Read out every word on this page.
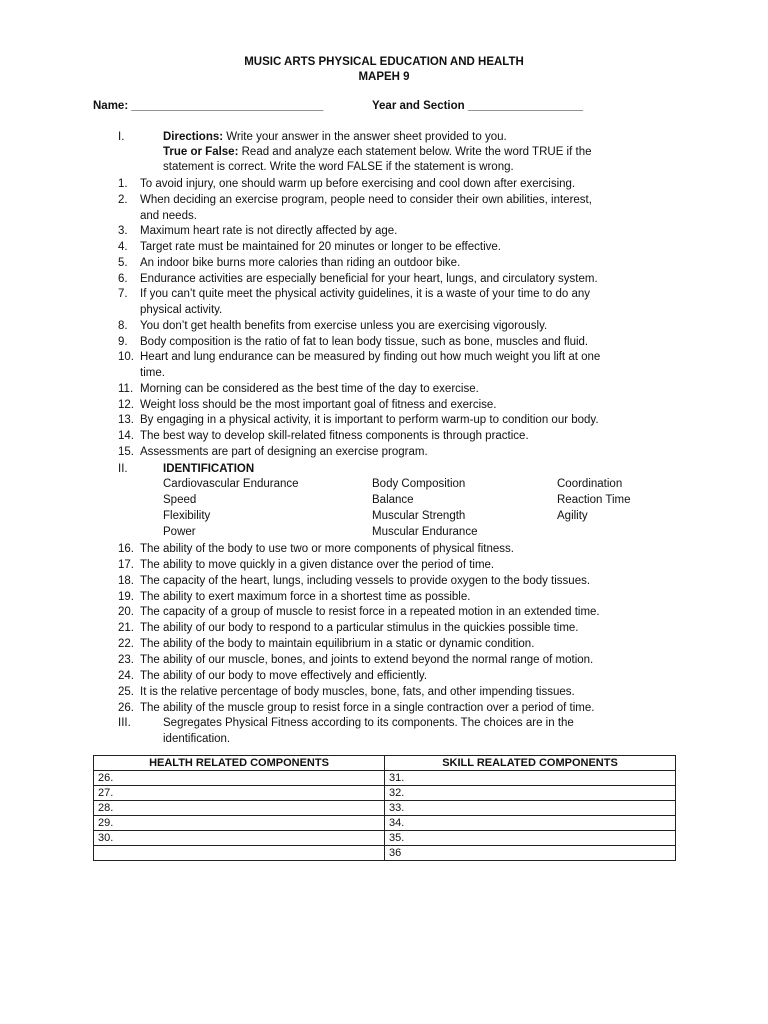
MUSIC ARTS PHYSICAL EDUCATION AND HEALTH
MAPEH 9
Name: ______________________________	Year and Section __________________
I.	Directions: Write your answer in the answer sheet provided to you.
True or False: Read and analyze each statement below. Write the word TRUE if the
statement is correct. Write the word FALSE if the statement is wrong.
1. To avoid injury, one should warm up before exercising and cool down after exercising.
2. When deciding an exercise program, people need to consider their own abilities, interest,
and needs.
3. Maximum heart rate is not directly affected by age.
4. Target rate must be maintained for 20 minutes or longer to be effective.
5. An indoor bike burns more calories than riding an outdoor bike.
6. Endurance activities are especially beneficial for your heart, lungs, and circulatory system.
7. If you can’t quite meet the physical activity guidelines, it is a waste of your time to do any
physical activity.
8. You don’t get health benefits from exercise unless you are exercising vigorously.
9. Body composition is the ratio of fat to lean body tissue, such as bone, muscles and fluid.
10. Heart and lung endurance can be measured by finding out how much weight you lift at one
time.
11. Morning can be considered as the best time of the day to exercise.
12. Weight loss should be the most important goal of fitness and exercise.
13. By engaging in a physical activity, it is important to perform warm-up to condition our body.
14. The best way to develop skill-related fitness components is through practice.
15. Assessments are part of designing an exercise program.
II.	IDENTIFICATION
Cardiovascular Endurance	Body Composition	Coordination
Speed	Balance	Reaction Time
Flexibility	Muscular Strength	Agility
Power	Muscular Endurance
16. The ability of the body to use two or more components of physical fitness.
17. The ability to move quickly in a given distance over the period of time.
18. The capacity of the heart, lungs, including vessels to provide oxygen to the body tissues.
19. The ability to exert maximum force in a shortest time as possible.
20. The capacity of a group of muscle to resist force in a repeated motion in an extended time.
21. The ability of our body to respond to a particular stimulus in the quickies possible time.
22. The ability of the body to maintain equilibrium in a static or dynamic condition.
23. The ability of our muscle, bones, and joints to extend beyond the normal range of motion.
24. The ability of our body to move effectively and efficiently.
25. It is the relative percentage of body muscles, bone, fats, and other impending tissues.
26. The ability of the muscle group to resist force in a single contraction over a period of time.
III.	Segregates Physical Fitness according to its components. The choices are in the
identification.
HEALTH RELATED COMPONENTS	SKILL REALATED COMPONENTS
26.	31.
27.	32.
28.	33.
29.	34.
30.	35.
	36
